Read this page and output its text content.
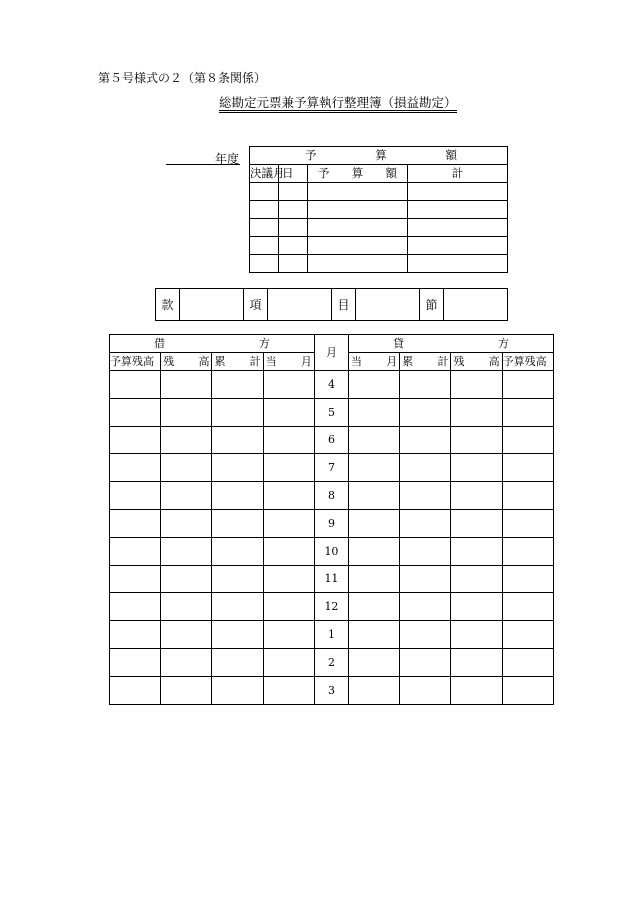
第５号様式の２（第８条関係）
総勘定元票兼予算執行整理簿（損益勘定）
年度	予 算 額			

決議月	日	予 算 額	計

款		項		目		節	
借 方				月	貸 方			

予算残高	残 高	累 計	当 月		当 月	累 計	残 高	予算残高
				4				
				5				
				6				
				7				
				8				
				9				
				10				
				11				
				12				
				1				
				2				
				3				
